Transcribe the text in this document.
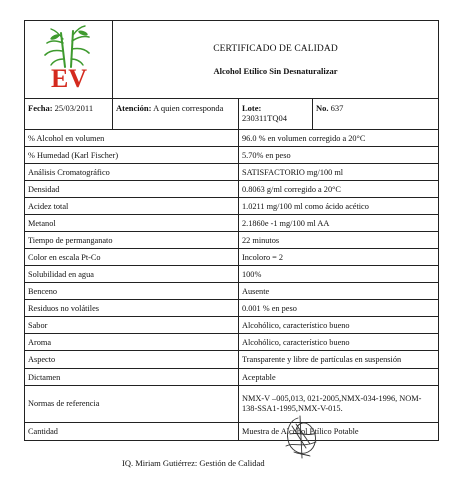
EV	CERTIFICADO DE CALIDAD
Alcohol Etílico Sin Desnaturalizar		

Fecha: 25/03/2011	Atención: A quien corresponda	Lote:
230311TQ04	No. 637
% Alcohol en volumen		96.0 % en volumen corregido a 20°C	
% Humedad (Karl Fischer)		5.70% en peso	
Análisis Cromatográfico		SATISFACTORIO mg/100 ml	
Densidad		0.8063 g/ml corregido a 20°C	
Acidez total		1.0211 mg/100 ml como ácido acético	
Metanol		2.1860e -1 mg/100 ml AA	
Tiempo de permanganato		22 minutos	
Color en escala Pt-Co		Incoloro = 2	
Solubilidad en agua		100%	
Benceno		Ausente	
Residuos no volátiles		0.001 % en peso	
Sabor		Alcohólico, característico bueno	
Aroma		Alcohólico, característico bueno	
Aspecto		Transparente y libre de partículas en suspensión	
Dictamen		Aceptable	
Normas de referencia		NMX-V –005,013, 021-2005,NMX-034-1996, NOM-138-SSA1-1995,NMX-V-015.	
Cantidad		Muestra de Alcohol Etílico Potable	
IQ. Miriam Gutiérrez: Gestión de Calidad
